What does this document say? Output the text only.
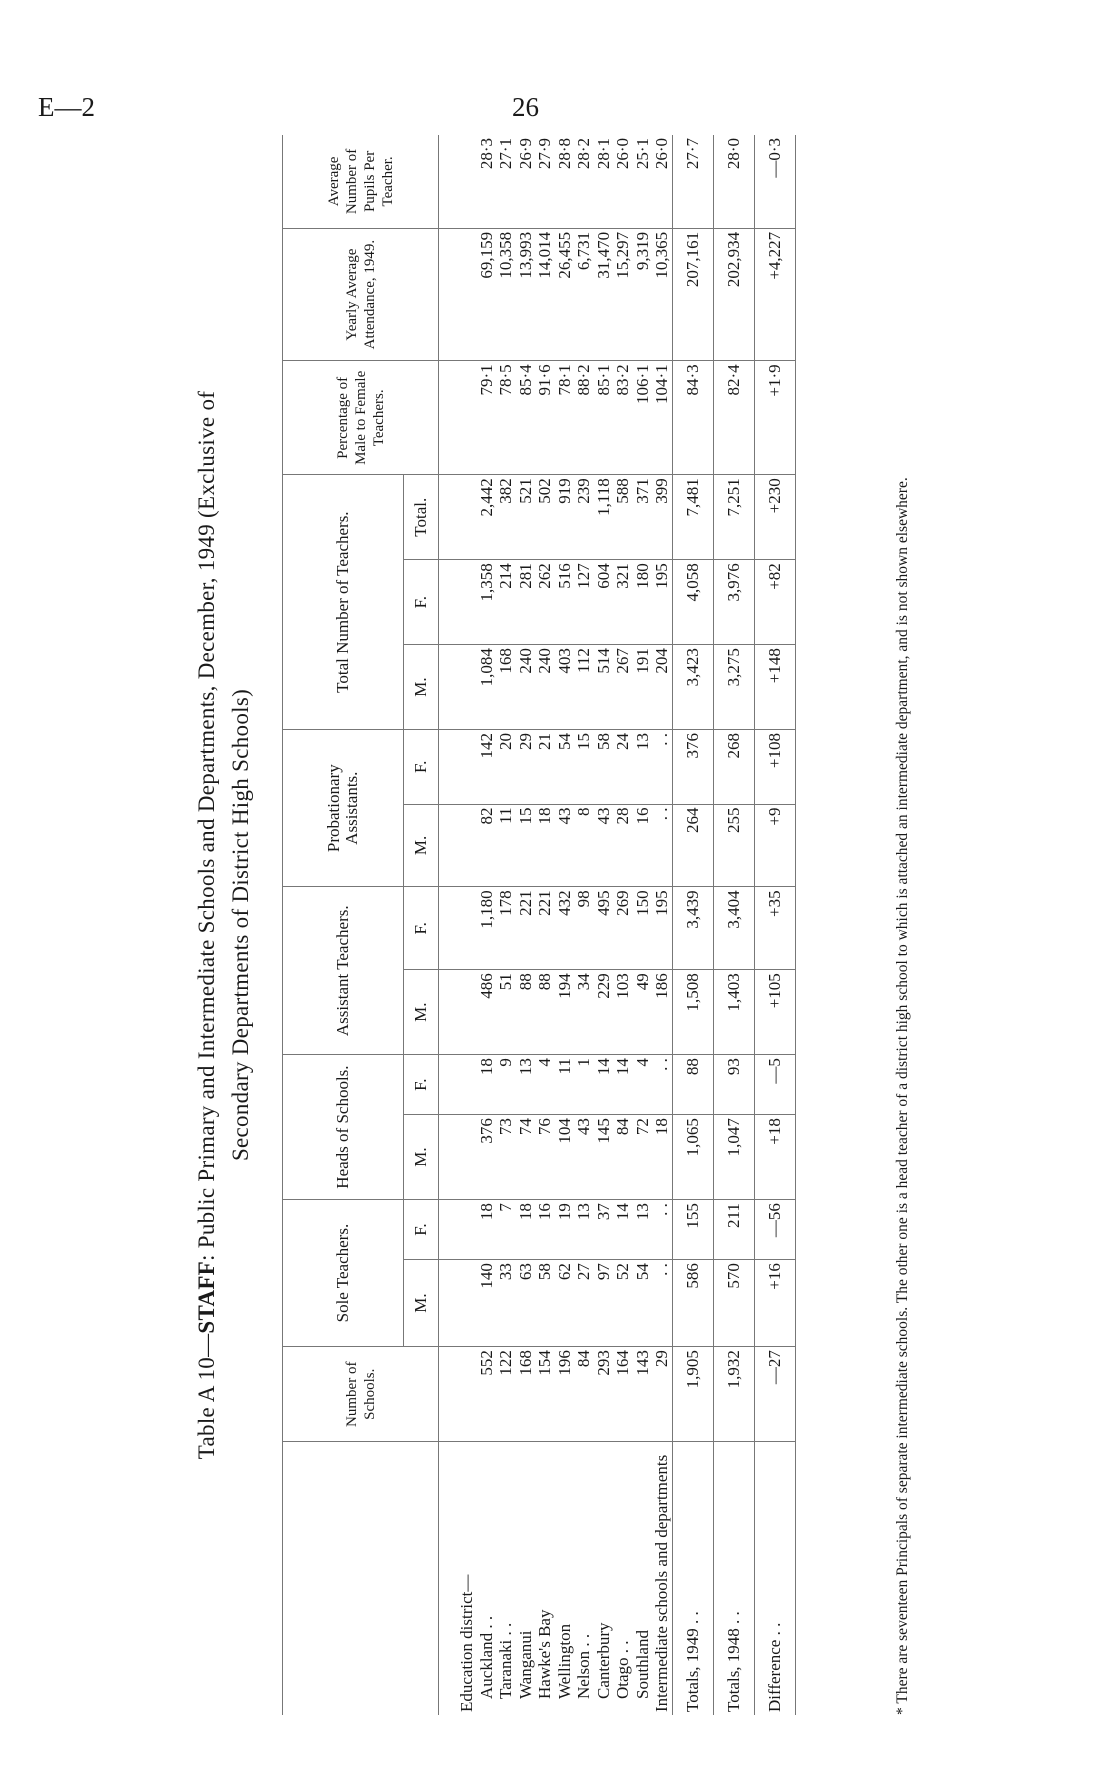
E—2	26
Table A 10—STAFF: Public Primary and Intermediate Schools and Departments, December, 1949 (Exclusive of Secondary Departments of District High Schools)
	Number of Schools.	Sole Teachers.		Heads of Schools.		Assistant Teachers.		Probationary Assistants.		Total Number of Teachers.			Percentage of Male to Female Teachers.	Yearly Average Attendance, 1949.	Average Number of Pupils Per Teacher.
		M.	F.	M.	F.	M.	F.	M.	F.	M.	F.	Total.			
Education district—															
Auckland . .	552	140	18	376	18	486	1,180	82	142	1,084	1,358	2,442	79·1	69,159	28·3
Taranaki . .	122	33	7	73	9	51	178	11	20	168	214	382	78·5	10,358	27·1
Wanganui	168	63	18	74	13	88	221	15	29	240	281	521	85·4	13,993	26·9
Hawke's Bay	154	58	16	76	4	88	221	18	21	240	262	502	91·6	14,014	27·9
Wellington	196	62	19	104	11	194	432	43	54	403	516	919	78·1	26,455	28·8
Nelson . .	84	27	13	43	1	34	98	8	15	112	127	239	88·2	6,731	28·2
Canterbury	293	97	37	145	14	229	495	43	58	514	604	1,118	85·1	31,470	28·1
Otago . .	164	52	14	84	14	103	269	28	24	267	321	588	83·2	15,297	26·0
Southland	143	54	13	72	4	49	150	16	13	191	180	371	106·1	9,319	25·1
Intermediate schools and departments	29	. .	. .	18	. .	186	195	. .	. .	204	195	399	104·1	10,365	26·0
Totals, 1949 . .	1,905	586	155	1,065	88	1,508	3,439	264	376	3,423	4,058	7,481	84·3	207,161	27·7
Totals, 1948 . .	1,932	570	211	1,047	93	1,403	3,404	255	268	3,275	3,976	7,251	82·4	202,934	28·0
Difference . .	—27	+16	—56	+18	—5	+105	+35	+9	+108	+148	+82	+230	+1·9	+4,227	—0·3
* There are seventeen Principals of separate intermediate schools. The other one is a head teacher of a district high school to which is attached an intermediate department, and is not shown elsewhere.
